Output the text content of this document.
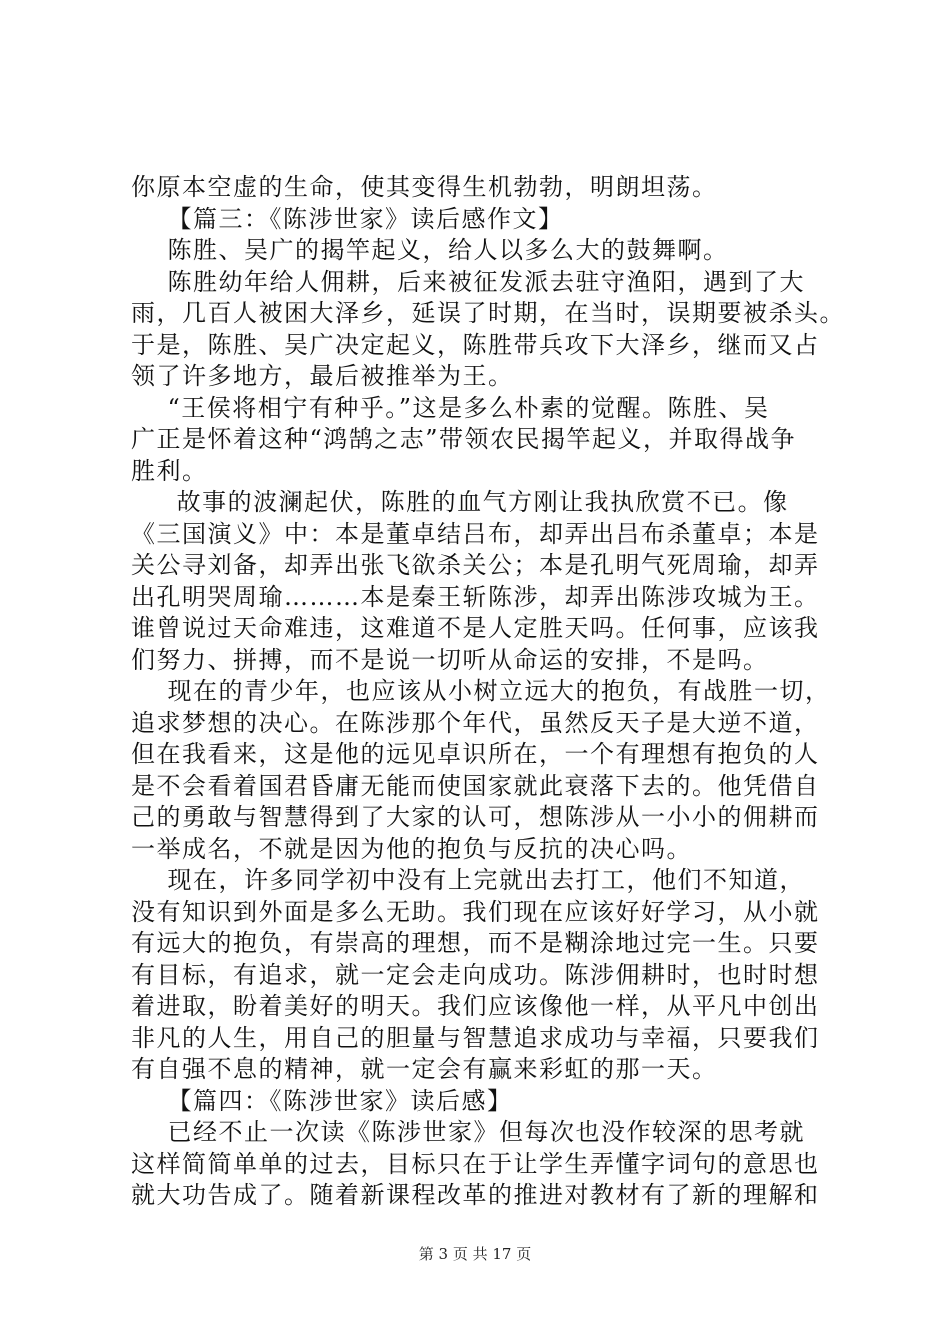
你原本空虚的生命，使其变得生机勃勃，明朗坦荡。
【篇三：《陈涉世家》读后感作文】
陈胜、吴广的揭竿起义，给人以多么大的鼓舞啊。
陈胜幼年给人佣耕，后来被征发派去驻守渔阳，遇到了大
雨，几百人被困大泽乡，延误了时期，在当时，误期要被杀头。
于是，陈胜、吴广决定起义，陈胜带兵攻下大泽乡，继而又占
领了许多地方，最后被推举为王。
“王侯将相宁有种乎。”这是多么朴素的觉醒。陈胜、吴
广正是怀着这种“鸿鹄之志”带领农民揭竿起义，并取得战争
胜利。
故事的波澜起伏，陈胜的血气方刚让我执欣赏不已。像
《三国演义》中：本是董卓结吕布，却弄出吕布杀董卓；本是
关公寻刘备，却弄出张飞欲杀关公；本是孔明气死周瑜，却弄
出孔明哭周瑜………本是秦王斩陈涉，却弄出陈涉攻城为王。
谁曾说过天命难违，这难道不是人定胜天吗。任何事，应该我
们努力、拼搏，而不是说一切听从命运的安排，不是吗。
现在的青少年，也应该从小树立远大的抱负，有战胜一切，
追求梦想的决心。在陈涉那个年代，虽然反天子是大逆不道，
但在我看来，这是他的远见卓识所在，一个有理想有抱负的人
是不会看着国君昏庸无能而使国家就此衰落下去的。他凭借自
己的勇敢与智慧得到了大家的认可，想陈涉从一小小的佣耕而
一举成名，不就是因为他的抱负与反抗的决心吗。
现在，许多同学初中没有上完就出去打工，他们不知道，
没有知识到外面是多么无助。我们现在应该好好学习，从小就
有远大的抱负，有崇高的理想，而不是糊涂地过完一生。只要
有目标，有追求，就一定会走向成功。陈涉佣耕时，也时时想
着进取，盼着美好的明天。我们应该像他一样，从平凡中创出
非凡的人生，用自己的胆量与智慧追求成功与幸福，只要我们
有自强不息的精神，就一定会有赢来彩虹的那一天。
【篇四：《陈涉世家》读后感】
已经不止一次读《陈涉世家》但每次也没作较深的思考就
这样简简单单的过去，目标只在于让学生弄懂字词句的意思也
就大功告成了。随着新课程改革的推进对教材有了新的理解和
第 3 页 共 17 页
